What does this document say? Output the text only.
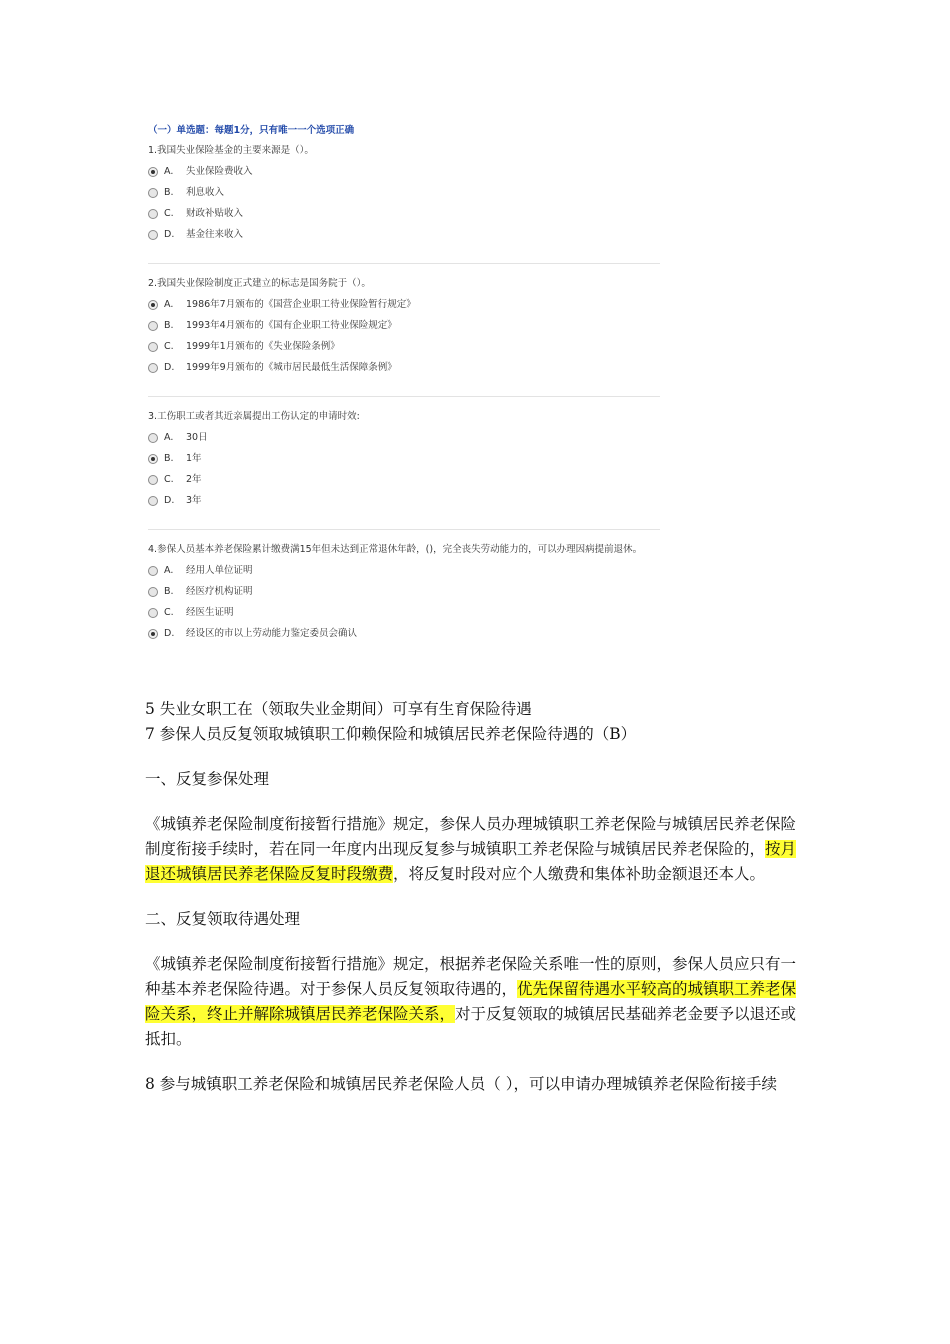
（一）单选题：每题1分，只有唯一一个选项正确
1.我国失业保险基金的主要来源是（）。
A.	失业保险费收入
B.	利息收入
C.	财政补贴收入
D.	基金往来收入
2.我国失业保险制度正式建立的标志是国务院于（）。
A.	1986年7月颁布的《国营企业职工待业保险暂行规定》
B.	1993年4月颁布的《国有企业职工待业保险规定》
C.	1999年1月颁布的《失业保险条例》
D.	1999年9月颁布的《城市居民最低生活保障条例》
3.工伤职工或者其近亲属提出工伤认定的申请时效:
A.	30日
B.	1年
C.	2年
D.	3年
4.参保人员基本养老保险累计缴费满15年但未达到正常退休年龄，()，完全丧失劳动能力的，可以办理因病提前退休。
A.	经用人单位证明
B.	经医疗机构证明
C.	经医生证明
D.	经设区的市以上劳动能力鉴定委员会确认

5 失业女职工在（领取失业金期间）可享有生育保险待遇

7 参保人员反复领取城镇职工仰赖保险和城镇居民养老保险待遇的（B）

一、反复参保处理

《城镇养老保险制度衔接暂行措施》规定，参保人员办理城镇职工养老保险与城镇居民养老保险制度衔接手续时，若在同一年度内出现反复参与城镇职工养老保险与城镇居民养老保险的，按月退还城镇居民养老保险反复时段缴费，将反复时段对应个人缴费和集体补助金额退还本人。

二、反复领取待遇处理

《城镇养老保险制度衔接暂行措施》规定，根据养老保险关系唯一性的原则，参保人员应只有一种基本养老保险待遇。对于参保人员反复领取待遇的，优先保留待遇水平较高的城镇职工养老保险关系，终止并解除城镇居民养老保险关系，对于反复领取的城镇居民基础养老金要予以退还或抵扣。

8 参与城镇职工养老保险和城镇居民养老保险人员（ ），可以申请办理城镇养老保险衔接手续
